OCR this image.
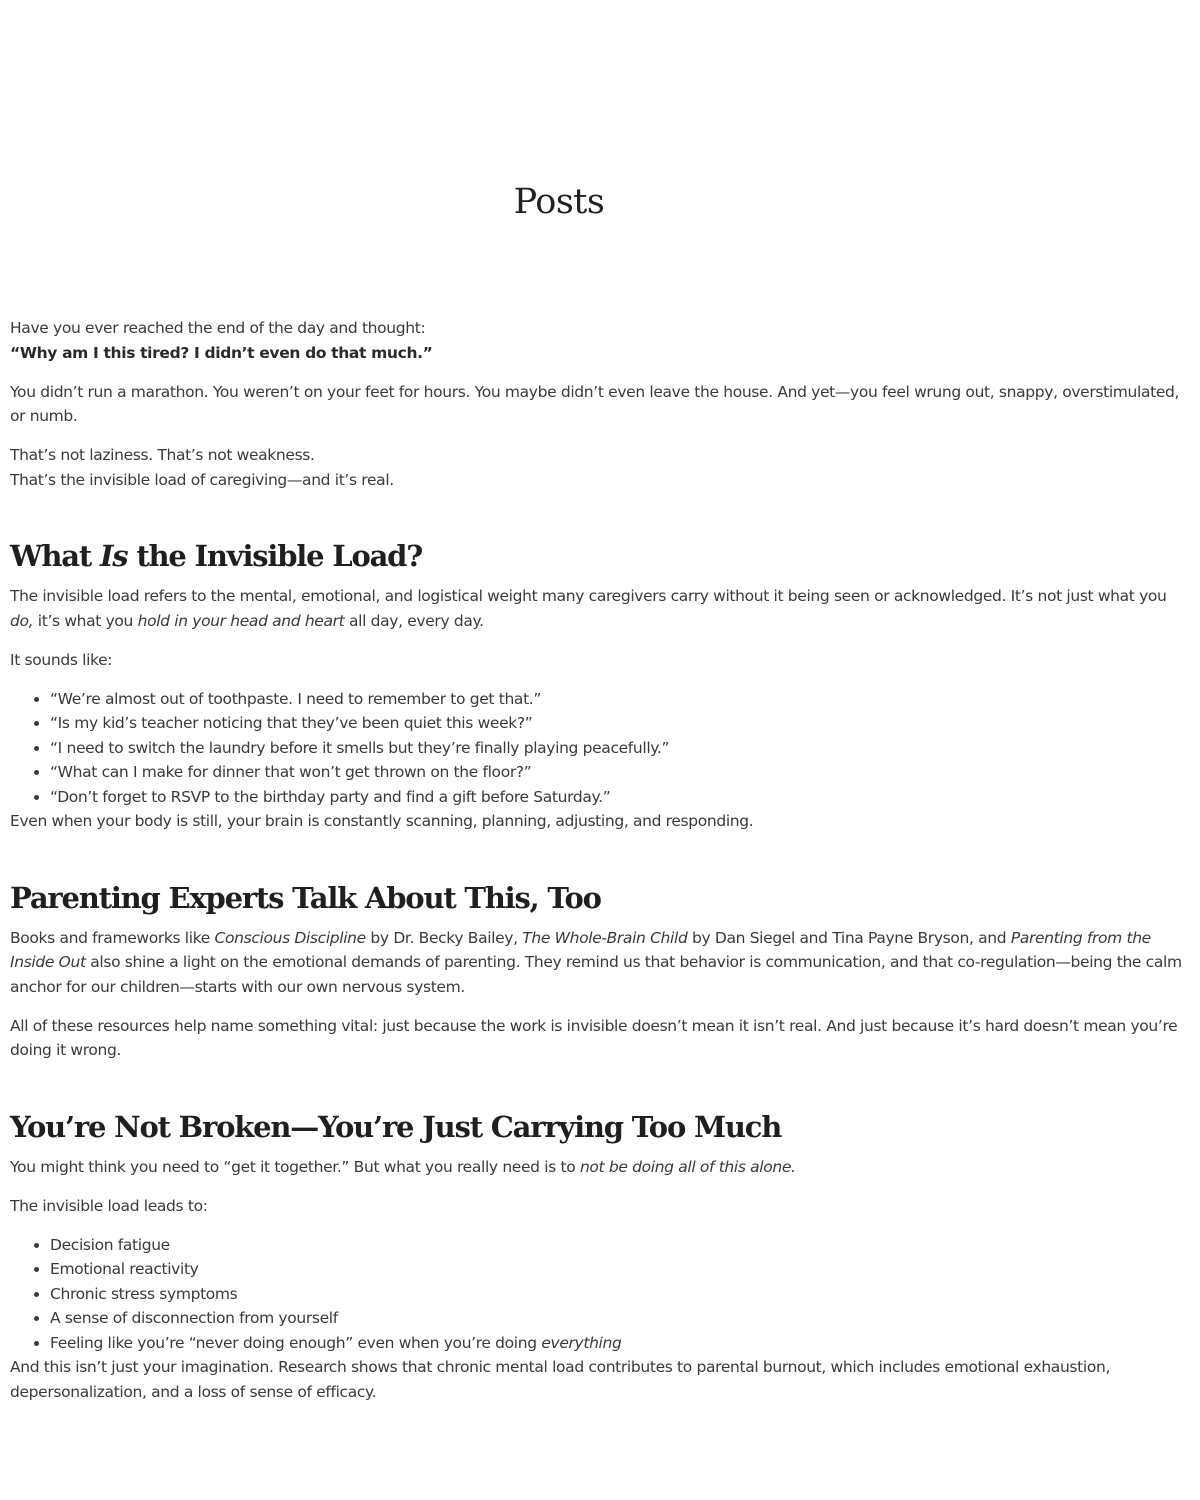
Posts

Have you ever reached the end of the day and thought:
“Why am I this tired? I didn’t even do that much.”

You didn’t run a marathon. You weren’t on your feet for hours. You maybe didn’t even leave the house. And yet—you feel wrung out, snappy, overstimulated, or numb.

That’s not laziness. That’s not weakness.
That’s the invisible load of caregiving—and it’s real.

What Is the Invisible Load?

The invisible load refers to the mental, emotional, and logistical weight many caregivers carry without it being seen or acknowledged. It’s not just what you do, it’s what you hold in your head and heart all day, every day.

It sounds like:

• “We’re almost out of toothpaste. I need to remember to get that.”
• “Is my kid’s teacher noticing that they’ve been quiet this week?”
• “I need to switch the laundry before it smells but they’re finally playing peacefully.”
• “What can I make for dinner that won’t get thrown on the floor?”
• “Don’t forget to RSVP to the birthday party and find a gift before Saturday.”

Even when your body is still, your brain is constantly scanning, planning, adjusting, and responding.

Parenting Experts Talk About This, Too

Books and frameworks like Conscious Discipline by Dr. Becky Bailey, The Whole-Brain Child by Dan Siegel and Tina Payne Bryson, and Parenting from the Inside Out also shine a light on the emotional demands of parenting. They remind us that behavior is communication, and that co-regulation—being the calm anchor for our children—starts with our own nervous system.

All of these resources help name something vital: just because the work is invisible doesn’t mean it isn’t real. And just because it’s hard doesn’t mean you’re doing it wrong.

You’re Not Broken—You’re Just Carrying Too Much

You might think you need to “get it together.” But what you really need is to not be doing all of this alone.

The invisible load leads to:

• Decision fatigue
• Emotional reactivity
• Chronic stress symptoms
• A sense of disconnection from yourself
• Feeling like you’re “never doing enough” even when you’re doing everything

And this isn’t just your imagination. Research shows that chronic mental load contributes to parental burnout, which includes emotional exhaustion, depersonalization, and a loss of sense of efficacy.
